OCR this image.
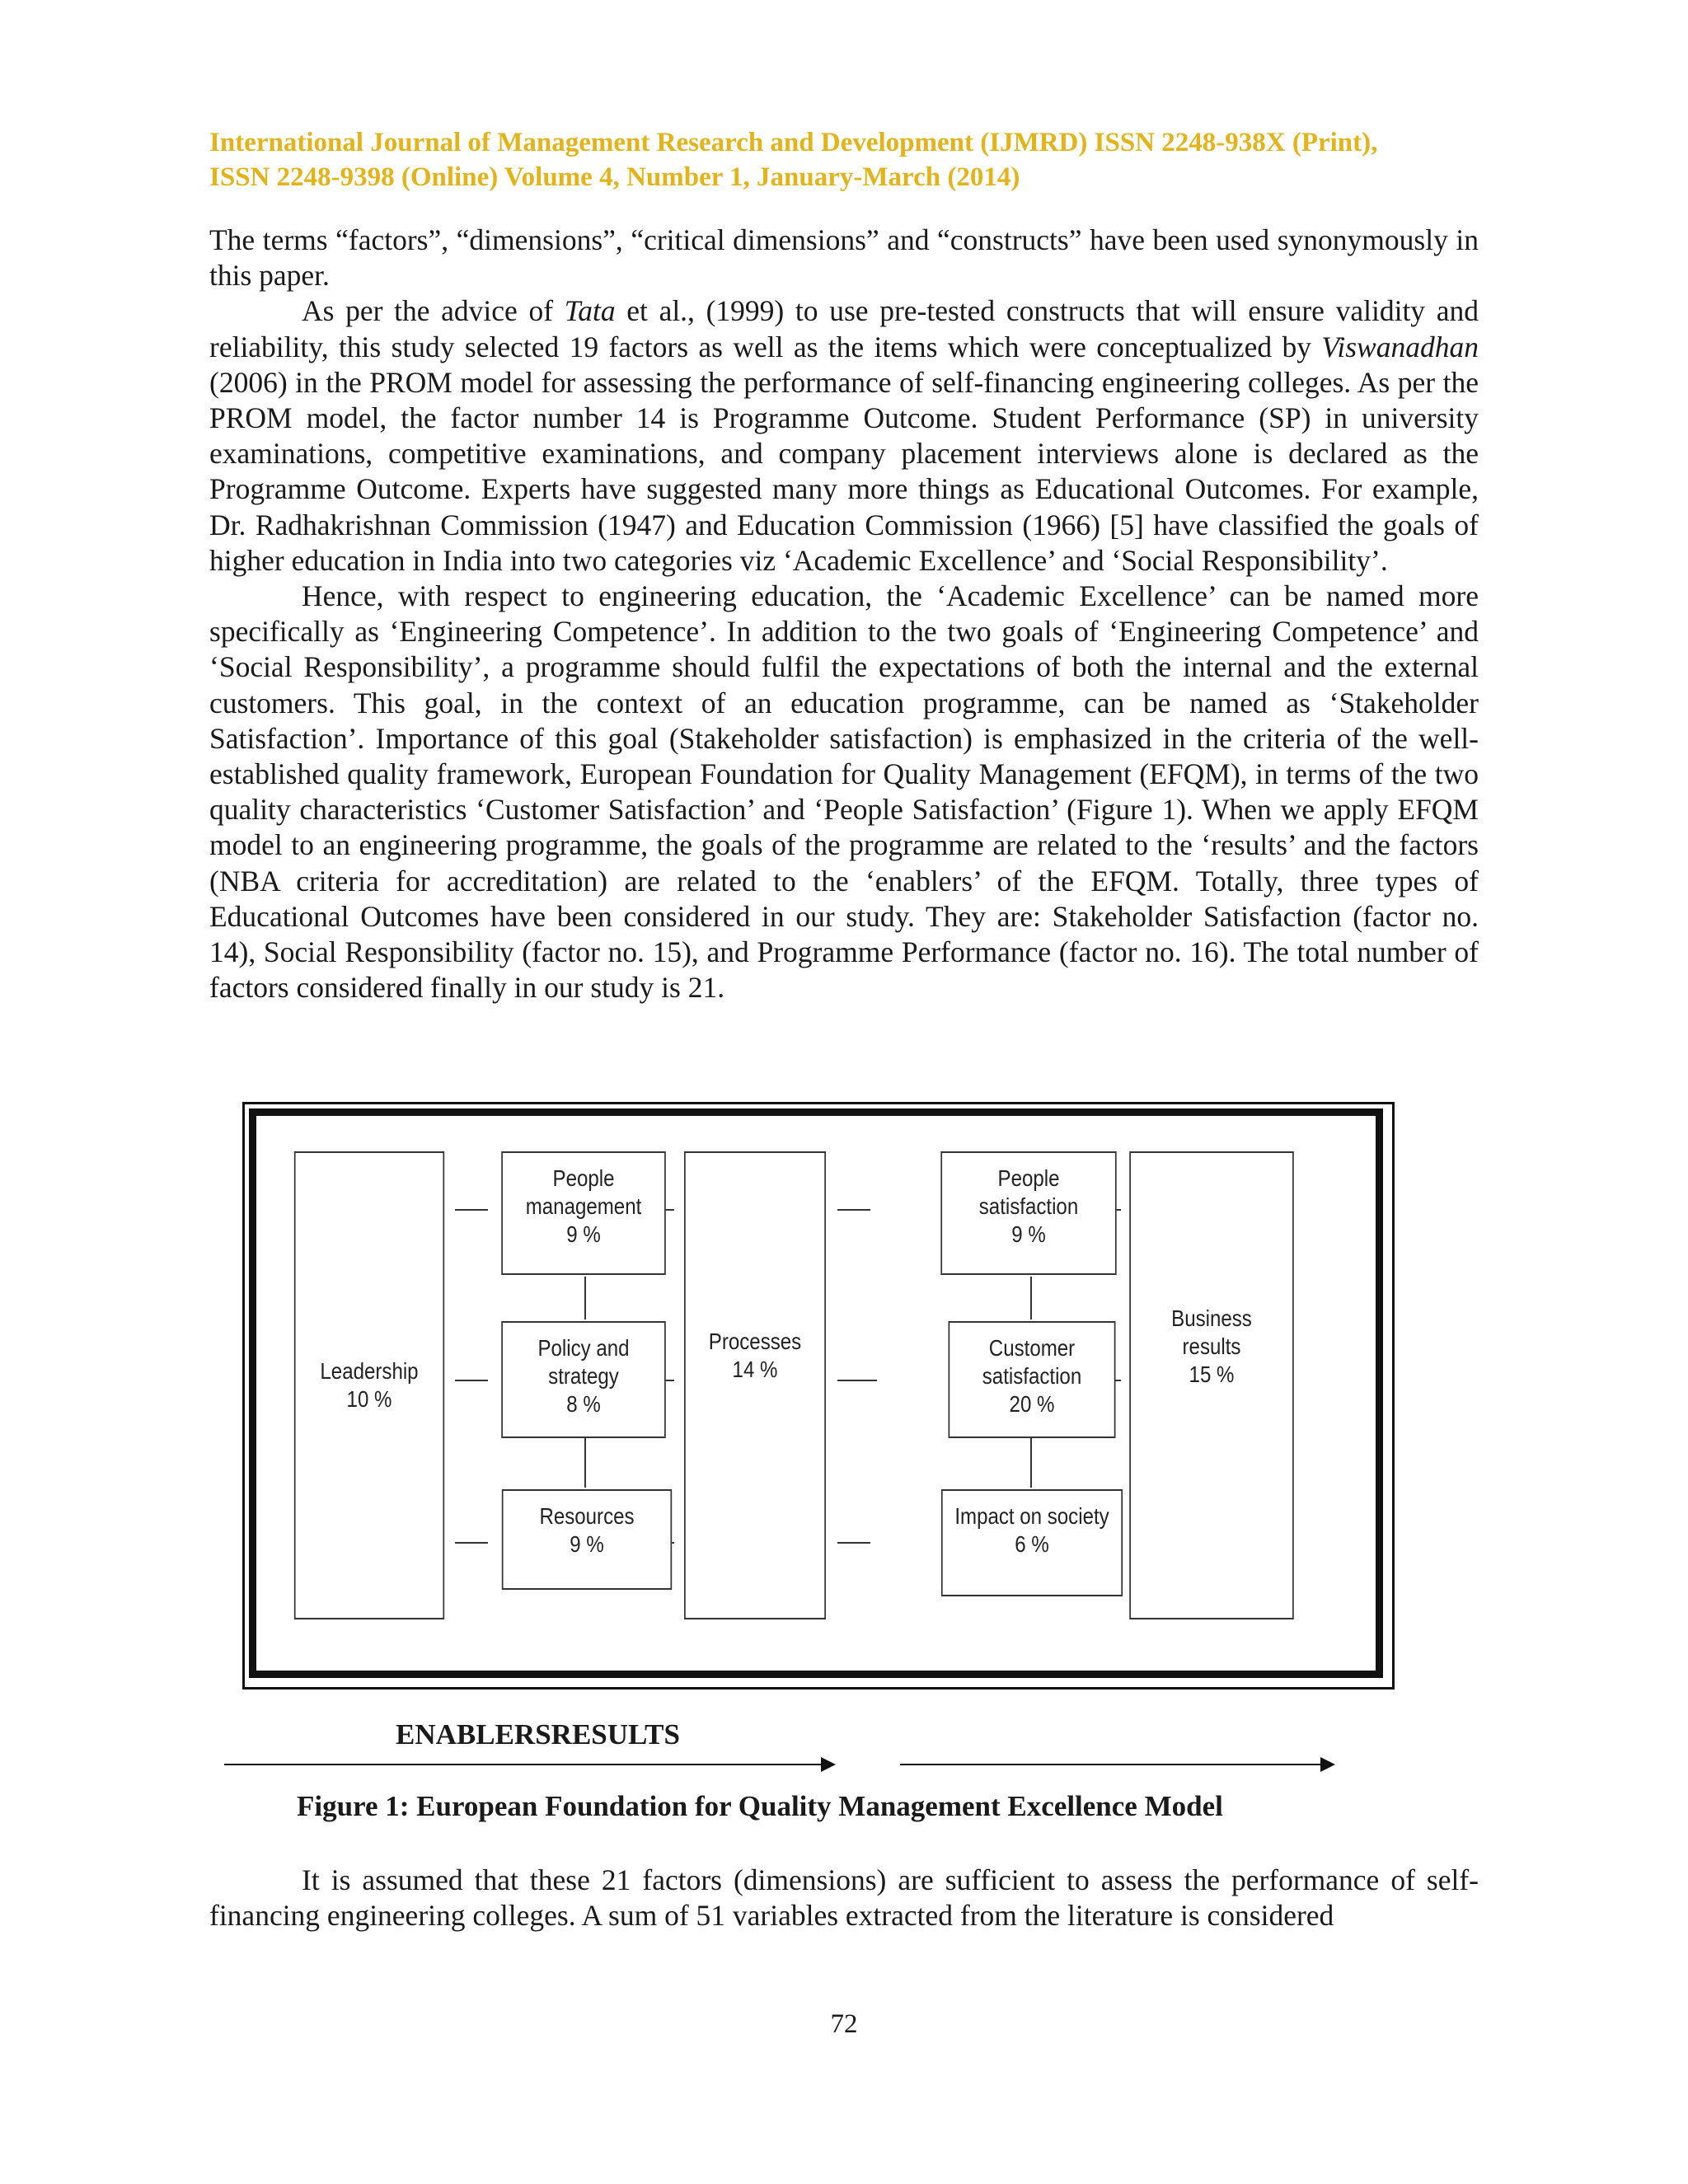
International Journal of Management Research and Development (IJMRD) ISSN 2248-938X (Print),
ISSN 2248-9398 (Online) Volume 4, Number 1, January-March (2014)

The terms “factors”, “dimensions”, “critical dimensions” and “constructs” have been used synonymously in this paper.

As per the advice of Tata et al., (1999) to use pre-tested constructs that will ensure validity and reliability, this study selected 19 factors as well as the items which were conceptualized by Viswanadhan (2006) in the PROM model for assessing the performance of self-financing engineering colleges. As per the PROM model, the factor number 14 is Programme Outcome. Student Performance (SP) in university examinations, competitive examinations, and company placement interviews alone is declared as the Programme Outcome. Experts have suggested many more things as Educational Outcomes. For example, Dr. Radhakrishnan Commission (1947) and Education Commission (1966) [5] have classified the goals of higher education in India into two categories viz ‘Academic Excellence’ and ‘Social Responsibility’.

Hence, with respect to engineering education, the ‘Academic Excellence’ can be named more specifically as ‘Engineering Competence’. In addition to the two goals of ‘Engineering Competence’ and ‘Social Responsibility’, a programme should fulfil the expectations of both the internal and the external customers. This goal, in the context of an education programme, can be named as ‘Stakeholder Satisfaction’. Importance of this goal (Stakeholder satisfaction) is emphasized in the criteria of the well-established quality framework, European Foundation for Quality Management (EFQM), in terms of the two quality characteristics ‘Customer Satisfaction’ and ‘People Satisfaction’ (Figure 1). When we apply EFQM model to an engineering programme, the goals of the programme are related to the ‘results’ and the factors (NBA criteria for accreditation) are related to the ‘enablers’ of the EFQM. Totally, three types of Educational Outcomes have been considered in our study. They are: Stakeholder Satisfaction (factor no. 14), Social Responsibility (factor no. 15), and Programme Performance (factor no. 16). The total number of factors considered finally in our study is 21.

Leadership
10 %
People
management
9 %
Policy and
strategy
8 %
Resources
9 %
Processes
14 %
People
satisfaction
9 %
Customer
satisfaction
20 %
Impact on society
6 %
Business
results
15 %
ENABLERSRESULTS
Figure 1: European Foundation for Quality Management Excellence Model

It is assumed that these 21 factors (dimensions) are sufficient to assess the performance of self-financing engineering colleges. A sum of 51 variables extracted from the literature is considered

72
